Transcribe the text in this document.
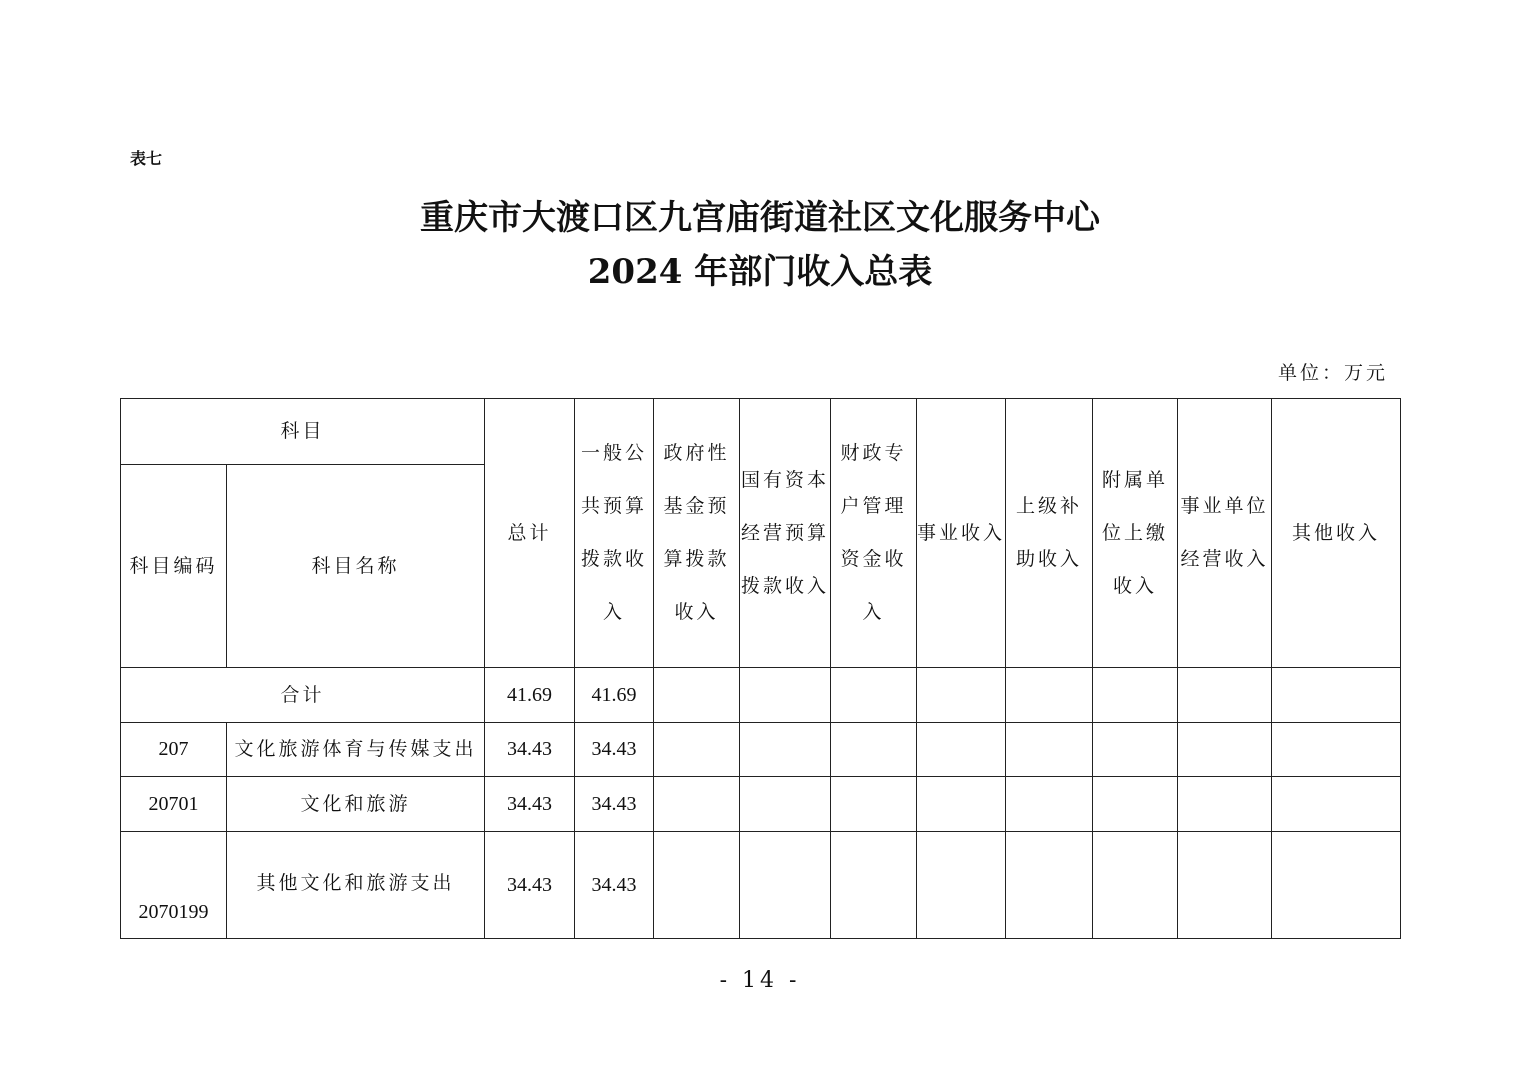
表七
重庆市大渡口区九宫庙街道社区文化服务中心
2024 年部门收入总表
单位：万元
科目		总计	一般公共预算拨款收入	政府性基金预算拨款收入	国有资本经营预算拨款收入	财政专户管理资金收入	事业收入	上级补助收入	附属单位上缴收入	事业单位经营收入	其他收入
科目编码	科目名称										
合计		41.69	41.69								
207	文化旅游体育与传媒支出	34.43	34.43								
20701	文化和旅游	34.43	34.43								
2070199	其他文化和旅游支出	34.43	34.43								
- 14 -
